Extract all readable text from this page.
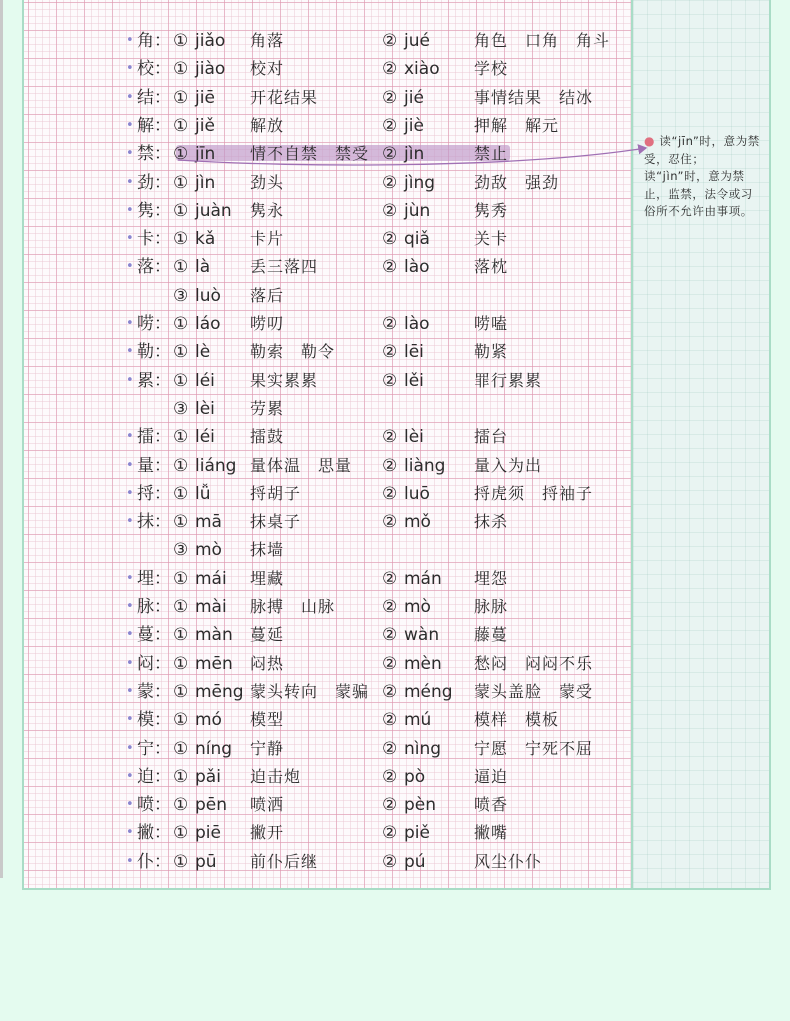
• 角： ① jiǎo	角落	② jué	角色　口角　角斗
• 校： ① jiào	校对	② xiào	学校
• 结： ① jiē	开花结果	② jié	事情结果　结冰
• 解： ① jiě	解放	② jiè	押解　解元
• 禁： ① jīn	情不自禁　禁受 ② jìn	禁止
• 劲： ① jìn	劲头	② jìng	劲敌　强劲
• 隽： ① juàn	隽永	② jùn	隽秀
• 卡： ① kǎ	卡片	② qiǎ	关卡
• 落： ① là	丢三落四	② lào	落枕
③ luò	落后
• 唠： ① láo	唠叨	② lào	唠嗑
• 勒： ① lè	勒索　勒令	② lēi	勒紧
• 累： ① léi	果实累累	② lěi	罪行累累
③ lèi	劳累
• 擂： ① léi	擂鼓	② lèi	擂台
• 量： ① liáng 量体温　思量	② liàng	量入为出
• 捋： ① lǚ	捋胡子	② luō	捋虎须　捋袖子
• 抹： ① mā	抹桌子	② mǒ	抹杀
③ mò	抹墙
• 埋： ① mái	埋藏	② mán	埋怨
• 脉： ① mài	脉搏　山脉	② mò	脉脉
• 蔓： ① màn	蔓延	② wàn	藤蔓
• 闷： ① mēn	闷热	② mèn	愁闷　闷闷不乐
• 蒙： ① mēng 蒙头转向　蒙骗 ② méng	蒙头盖脸　蒙受
• 模： ① mó	模型	② mú	模样　模板
• 宁： ① níng	宁静	② nìng	宁愿　宁死不屈
• 迫： ① pǎi	迫击炮	② pò	逼迫
• 喷： ① pēn	喷洒	② pèn	喷香
• 撇： ① piē	撇开	② piě	撇嘴
• 仆： ① pū	前仆后继	② pú	风尘仆仆
● 读“jīn”时，意为禁受，忍住；读“jìn”时，意为禁止，监禁，法令或习俗所不允许由事项。
